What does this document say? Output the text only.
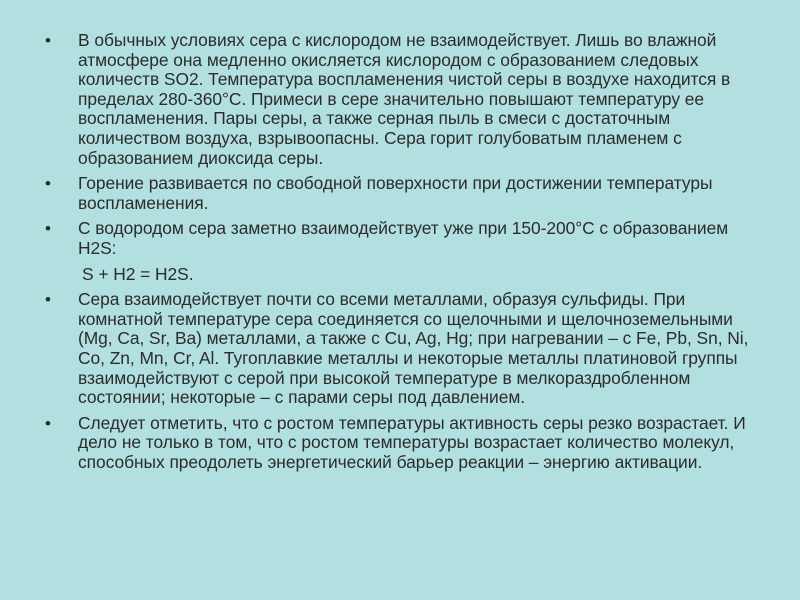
•	В обычных условиях сера с кислородом не взаимодействует. Лишь во влажной атмосфере она медленно окисляется кислородом с образованием следовых количеств SO2. Температура воспламенения чистой серы в воздухе находится в пределах 280-360°С. Примеси в сере значительно повышают температуру ее воспламенения. Пары серы, а также серная пыль в смеси с достаточным количеством воздуха, взрывоопасны. Сера горит голубоватым пламенем с образованием диоксида серы.
•	Горение развивается по свободной поверхности при достижении температуры воспламенения.
•	С водородом сера заметно взаимодействует уже при 150-200°С с образованием H2S:
S + H2 = H2S.
•	Сера взаимодействует почти со всеми металлами, образуя сульфиды. При комнатной температуре сера соединяется со щелочными и щелочноземельными (Mg, Ca, Sr, Ba) металлами, а также с Cu, Ag, Hg; при нагревании – с Fe, Pb, Sn, Ni, Co, Zn, Mn, Cr, Al. Тугоплавкие металлы и некоторые металлы платиновой группы взаимодействуют с серой при высокой температуре в мелкораздробленном состоянии; некоторые – с парами серы под давлением.
•	Следует отметить, что с ростом температуры активность серы резко возрастает. И дело не только в том, что с ростом температуры возрастает количество молекул, способных преодолеть энергетический барьер реакции – энергию активации.
